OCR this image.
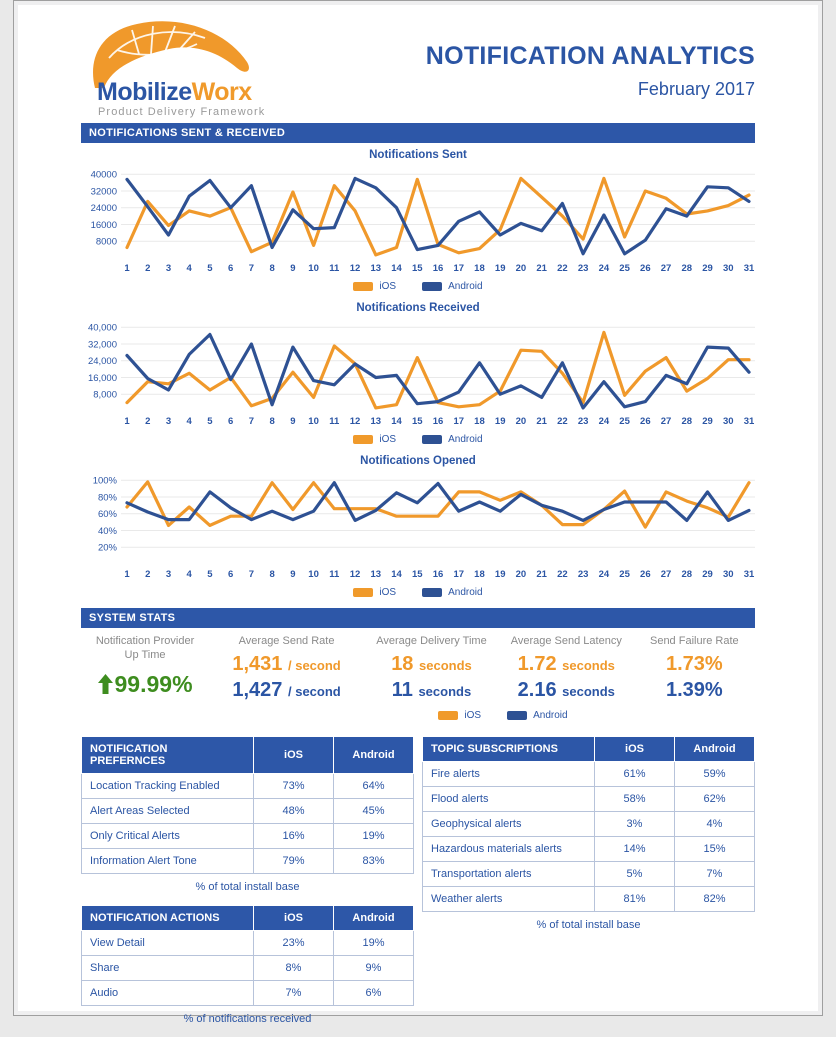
MobilizeWorx
Product Delivery Framework
NOTIFICATION ANALYTICS
February 2017
NOTIFICATIONS SENT & RECEIVED
Notifications Sent
8000
16000
24000
32000
40000
1 2 3 4 5 6 7 8 9 10 11 12 13 14 15 16 17 18 19 20 21 22 23 24 25 26 27 28 29 30 31
iOS	Android
Notifications Received
8,000
16,000
24,000
32,000
40,000
1 2 3 4 5 6 7 8 9 10 11 12 13 14 15 16 17 18 19 20 21 22 23 24 25 26 27 28 29 30 31
iOS	Android
Notifications Opened
20%
40%
60%
80%
100%
1 2 3 4 5 6 7 8 9 10 11 12 13 14 15 16 17 18 19 20 21 22 23 24 25 26 27 28 29 30 31
iOS	Android
SYSTEM STATS
Notification Provider
Up Time
99.99%
Average Send Rate
1,431 / second
1,427 / second
Average Delivery Time
18 seconds
11 seconds
Average Send Latency
1.72 seconds
2.16 seconds
Send Failure Rate
1.73%
1.39%
iOS	Android
NOTIFICATION PREFERNCES	iOS	Android
Location Tracking Enabled	73%	64%
Alert Areas Selected	48%	45%
Only Critical Alerts	16%	19%
Information Alert Tone	79%	83%
% of total install base
NOTIFICATION ACTIONS	iOS	Android
View Detail	23%	19%
Share	8%	9%
Audio	7%	6%
% of notifications received
TOPIC SUBSCRIPTIONS	iOS	Android
Fire alerts	61%	59%
Flood alerts	58%	62%
Geophysical alerts	3%	4%
Hazardous materials alerts	14%	15%
Transportation alerts	5%	7%
Weather alerts	81%	82%
% of total install base
